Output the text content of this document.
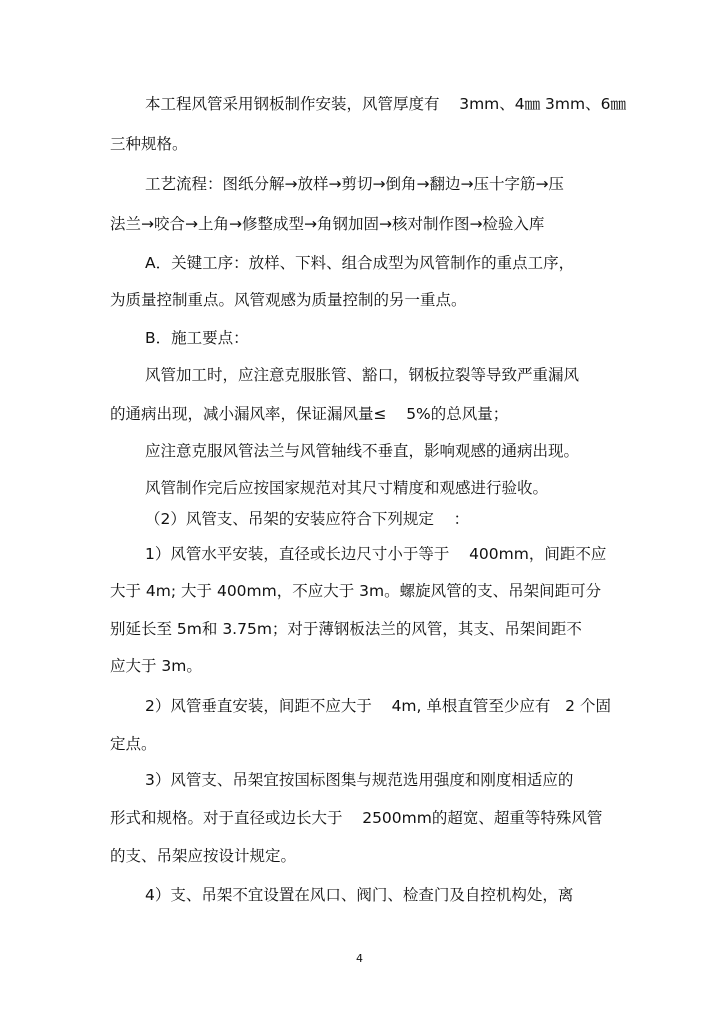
本工程风管采用钢板制作安装，风管厚度有    3mm、4㎜ 3mm、6㎜
三种规格。
工艺流程：图纸分解→放样→剪切→倒角→翻边→压十字筋→压
法兰→咬合→上角→修整成型→角钢加固→核对制作图→检验入库
A．关键工序：放样、下料、组合成型为风管制作的重点工序，
为质量控制重点。风管观感为质量控制的另一重点。
B．施工要点：
风管加工时，应注意克服胀管、豁口，钢板拉裂等导致严重漏风
的通病出现，减小漏风率，保证漏风量≤    5%的总风量；
应注意克服风管法兰与风管轴线不垂直，影响观感的通病出现。
风管制作完后应按国家规范对其尺寸精度和观感进行验收。
（2）风管支、吊架的安装应符合下列规定    ：
1）风管水平安装，直径或长边尺寸小于等于    400mm，间距不应
大于 4m; 大于 400mm，不应大于 3m。螺旋风管的支、吊架间距可分
别延长至 5m和 3.75m；对于薄钢板法兰的风管，其支、吊架间距不
应大于 3m。
2）风管垂直安装，间距不应大于    4m, 单根直管至少应有   2 个固
定点。
3）风管支、吊架宜按国标图集与规范选用强度和刚度相适应的
形式和规格。对于直径或边长大于    2500mm的超宽、超重等特殊风管
的支、吊架应按设计规定。
4）支、吊架不宜设置在风口、阀门、检查门及自控机构处，离
4
